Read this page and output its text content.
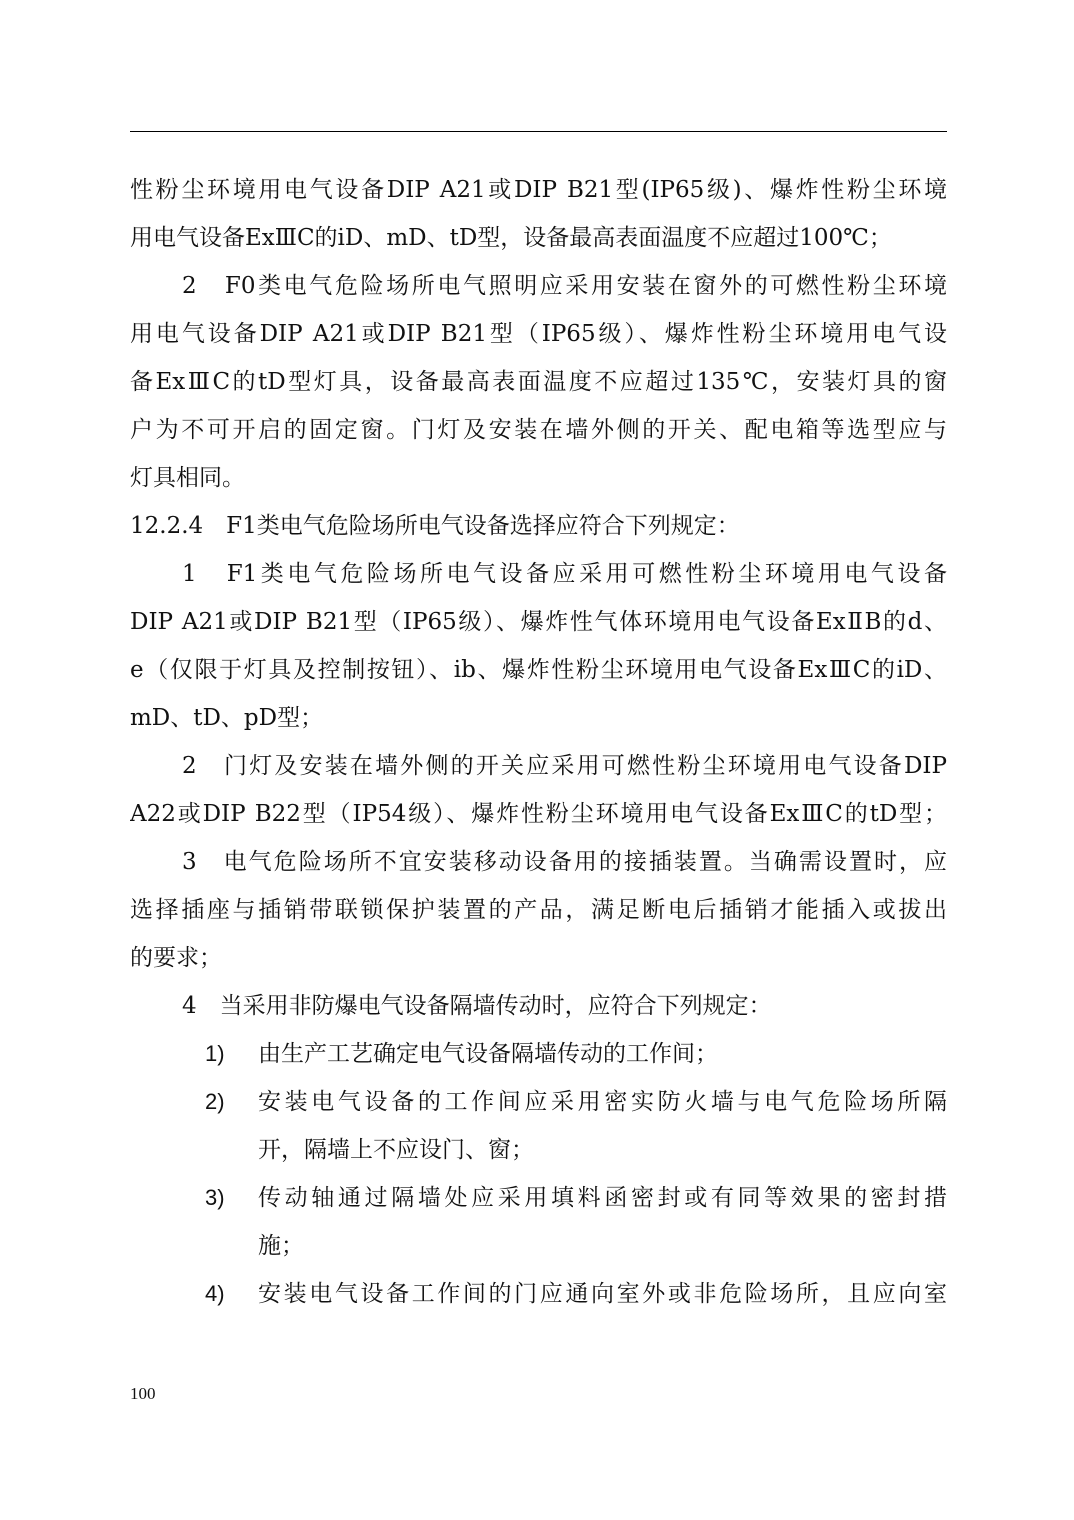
性粉尘环境用电气设备DIP A21或DIP B21型(IP65级)、爆炸性粉尘环境
用电气设备ExⅢC的iD、mD、tD型，设备最高表面温度不应超过100℃；
2　F0类电气危险场所电气照明应采用安装在窗外的可燃性粉尘环境
用电气设备DIP A21或DIP B21型（IP65级）、爆炸性粉尘环境用电气设
备ExⅢC的tD型灯具，设备最高表面温度不应超过135℃，安装灯具的窗
户为不可开启的固定窗。门灯及安装在墙外侧的开关、配电箱等选型应与
灯具相同。
12.2.4　F1类电气危险场所电气设备选择应符合下列规定：
1　F1类电气危险场所电气设备应采用可燃性粉尘环境用电气设备
DIP A21或DIP B21型（IP65级）、爆炸性气体环境用电气设备ExⅡB的d、
e（仅限于灯具及控制按钮）、ib、爆炸性粉尘环境用电气设备ExⅢC的iD、
mD、tD、pD型；
2　门灯及安装在墙外侧的开关应采用可燃性粉尘环境用电气设备DIP
A22或DIP B22型（IP54级）、爆炸性粉尘环境用电气设备ExⅢC的tD型；
3　电气危险场所不宜安装移动设备用的接插装置。当确需设置时，应
选择插座与插销带联锁保护装置的产品，满足断电后插销才能插入或拔出
的要求；
4　当采用非防爆电气设备隔墙传动时，应符合下列规定：
1) 由生产工艺确定电气设备隔墙传动的工作间；
2) 安装电气设备的工作间应采用密实防火墙与电气危险场所隔
开，隔墙上不应设门、窗；
3) 传动轴通过隔墙处应采用填料函密封或有同等效果的密封措
施；
4) 安装电气设备工作间的门应通向室外或非危险场所，且应向室
100
